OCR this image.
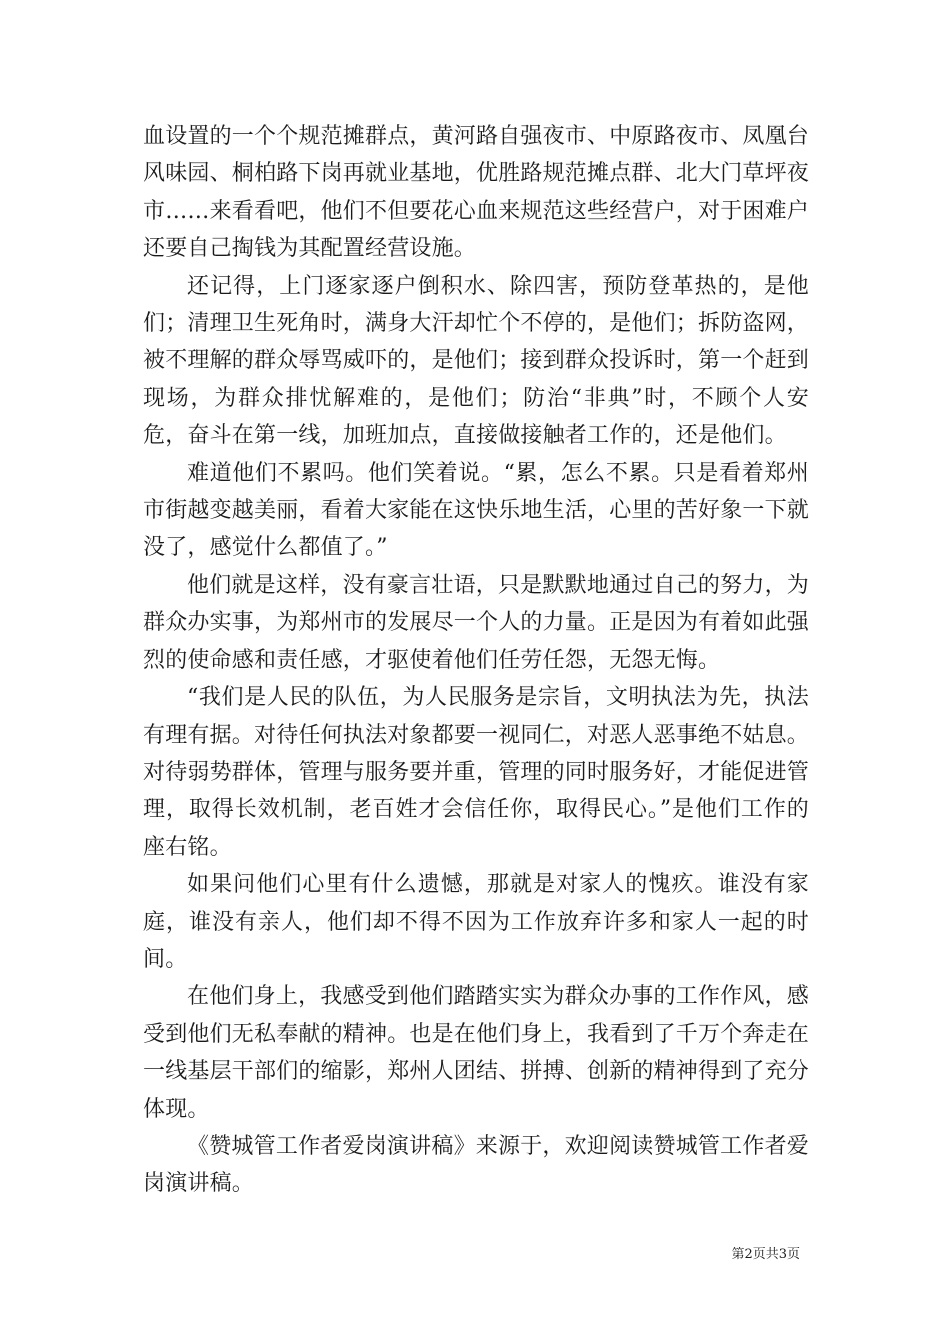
血设置的一个个规范摊群点，黄河路自强夜市、中原路夜市、凤凰台风味园、桐柏路下岗再就业基地，优胜路规范摊点群、北大门草坪夜市……来看看吧，他们不但要花心血来规范这些经营户，对于困难户还要自己掏钱为其配置经营设施。

还记得，上门逐家逐户倒积水、除四害，预防登革热的，是他们；清理卫生死角时，满身大汗却忙个不停的，是他们；拆防盗网，被不理解的群众辱骂威吓的，是他们；接到群众投诉时，第一个赶到现场，为群众排忧解难的，是他们；防治“非典”时，不顾个人安危，奋斗在第一线，加班加点，直接做接触者工作的，还是他们。

难道他们不累吗。他们笑着说。“累，怎么不累。只是看着郑州市街越变越美丽，看着大家能在这快乐地生活，心里的苦好象一下就没了，感觉什么都值了。”

他们就是这样，没有豪言壮语，只是默默地通过自己的努力，为群众办实事，为郑州市的发展尽一个人的力量。正是因为有着如此强烈的使命感和责任感，才驱使着他们任劳任怨，无怨无悔。

“我们是人民的队伍，为人民服务是宗旨，文明执法为先，执法有理有据。对待任何执法对象都要一视同仁，对恶人恶事绝不姑息。对待弱势群体，管理与服务要并重，管理的同时服务好，才能促进管理，取得长效机制，老百姓才会信任你，取得民心。”是他们工作的座右铭。

如果问他们心里有什么遗憾，那就是对家人的愧疚。谁没有家庭，谁没有亲人，他们却不得不因为工作放弃许多和家人一起的时间。

在他们身上，我感受到他们踏踏实实为群众办事的工作作风，感受到他们无私奉献的精神。也是在他们身上，我看到了千万个奔走在一线基层干部们的缩影，郑州人团结、拼搏、创新的精神得到了充分体现。

《赞城管工作者爱岗演讲稿》来源于，欢迎阅读赞城管工作者爱岗演讲稿。

第2页共3页
